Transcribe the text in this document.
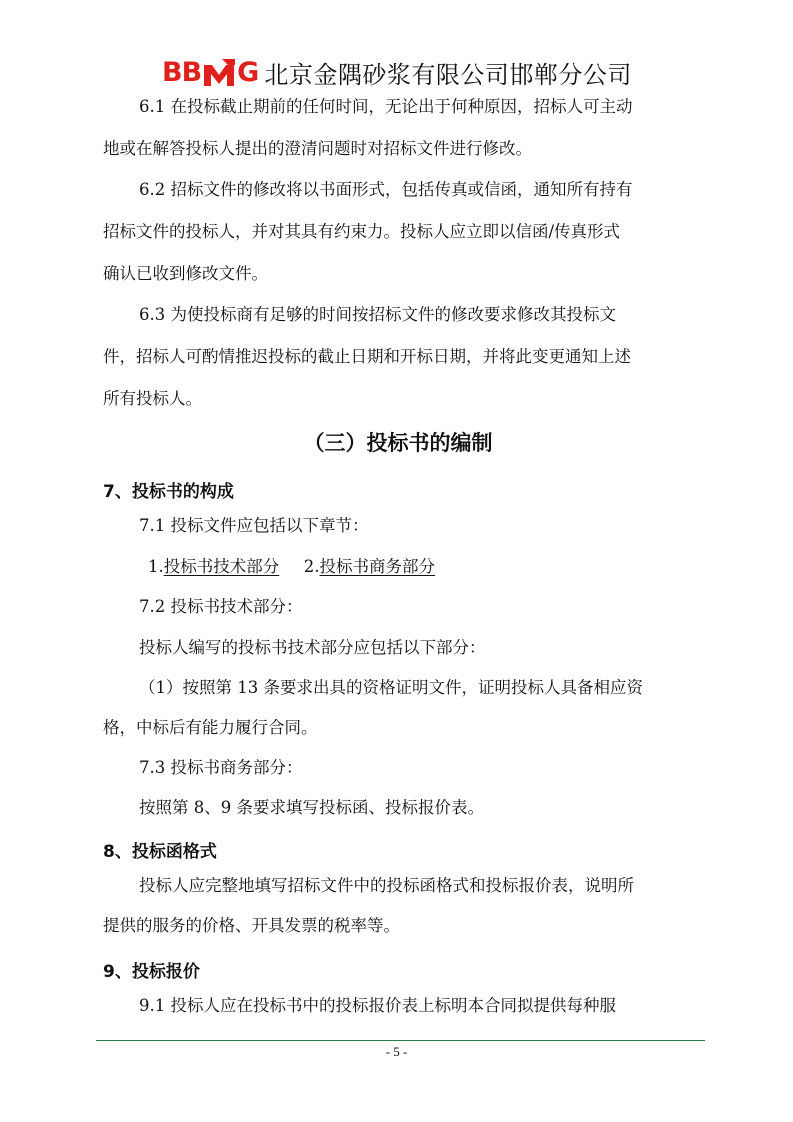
BB G 北京金隅砂浆有限公司邯郸分公司

6.1 在投标截止期前的任何时间，无论出于何种原因，招标人可主动

地或在解答投标人提出的澄清问题时对招标文件进行修改。

6.2 招标文件的修改将以书面形式，包括传真或信函，通知所有持有

招标文件的投标人，并对其具有约束力。投标人应立即以信函/传真形式

确认已收到修改文件。

6.3 为使投标商有足够的时间按招标文件的修改要求修改其投标文

件，招标人可酌情推迟投标的截止日期和开标日期，并将此变更通知上述

所有投标人。

（三）投标书的编制
7、投标书的构成

7.1 投标文件应包括以下章节：

1.投标书技术部分 2.投标书商务部分

7.2 投标书技术部分：

投标人编写的投标书技术部分应包括以下部分：

（1）按照第 13 条要求出具的资格证明文件，证明投标人具备相应资

格，中标后有能力履行合同。

7.3 投标书商务部分：

按照第 8、9 条要求填写投标函、投标报价表。

8、投标函格式

投标人应完整地填写招标文件中的投标函格式和投标报价表，说明所

提供的服务的价格、开具发票的税率等。

9、投标报价

9.1 投标人应在投标书中的投标报价表上标明本合同拟提供每种服

- 5 -
